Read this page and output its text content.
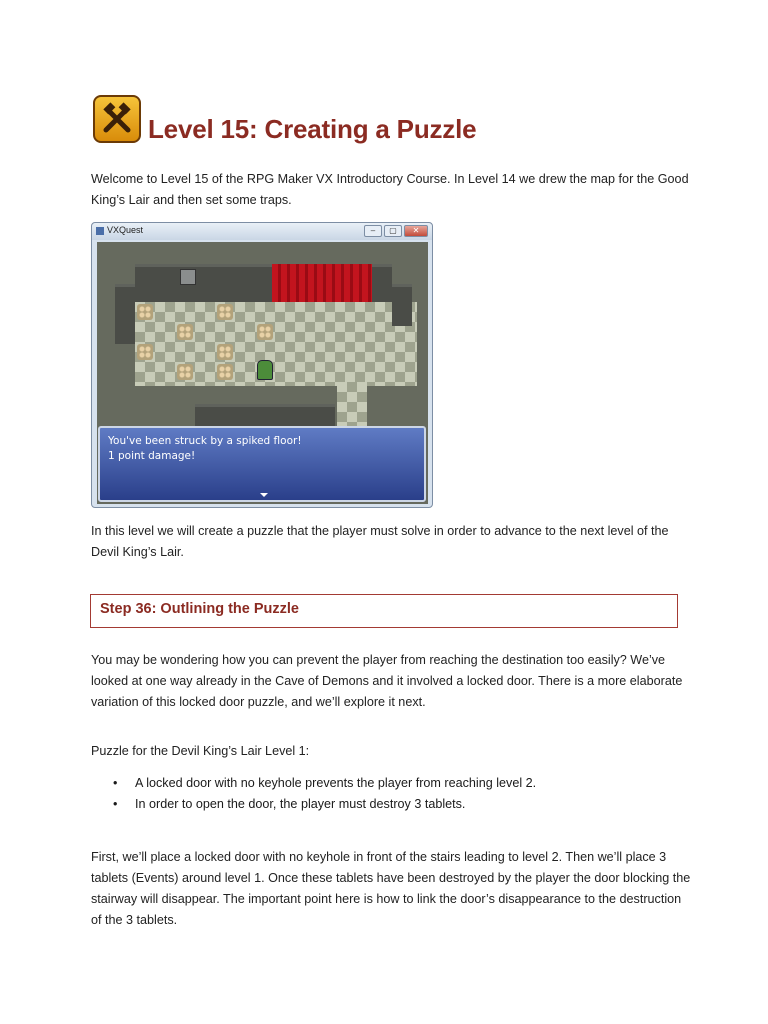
Level 15: Creating a Puzzle

Welcome to Level 15 of the RPG Maker VX Introductory Course. In Level 14 we drew the map for the Good King’s Lair and then set some traps.

VXQuest	–	▢	✕
You've been struck by a spiked floor!
1 point damage!

In this level we will create a puzzle that the player must solve in order to advance to the next level of the Devil King’s Lair.

Step 36: Outlining the Puzzle

You may be wondering how you can prevent the player from reaching the destination too easily? We’ve looked at one way already in the Cave of Demons and it involved a locked door. There is a more elaborate variation of this locked door puzzle, and we’ll explore it next.

Puzzle for the Devil King’s Lair Level 1:

• A locked door with no keyhole prevents the player from reaching level 2.
• In order to open the door, the player must destroy 3 tablets.

First, we’ll place a locked door with no keyhole in front of the stairs leading to level 2. Then we’ll place 3 tablets (Events) around level 1. Once these tablets have been destroyed by the player the door blocking the stairway will disappear. The important point here is how to link the door’s disappearance to the destruction of the 3 tablets.
